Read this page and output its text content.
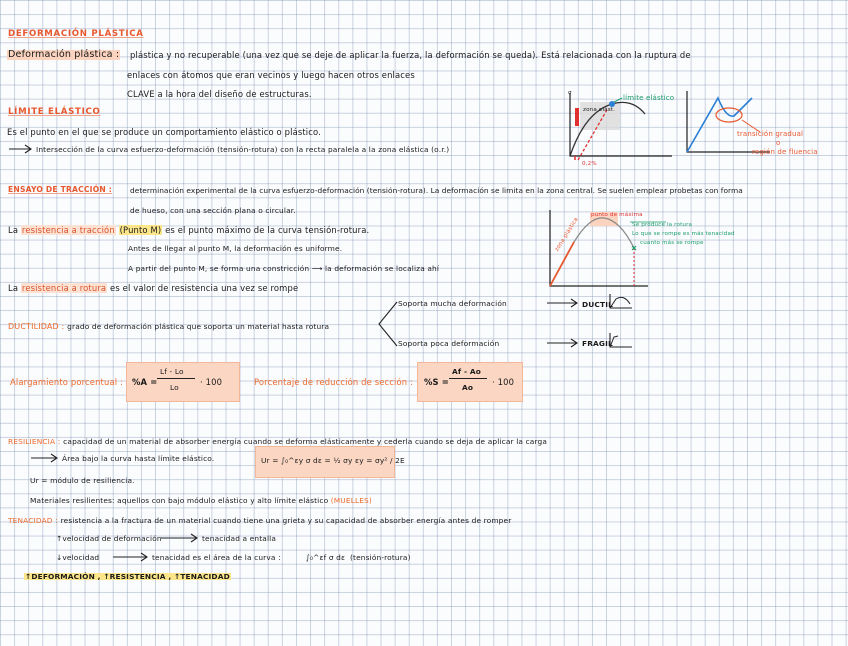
DEFORMACIÓN PLÁSTICA
Deformación plástica : plástica y no recuperable (una vez que se deje de aplicar la fuerza, la deformación se queda). Está relacionada con la ruptura de
enlaces con átomos que eran vecinos y luego hacen otros enlaces
CLAVE a la hora del diseño de estructuras.
LÍMITE ELÁSTICO
Es el punto en el que se produce un comportamiento elástico o plástico.
Intersección de la curva esfuerzo-deformación (tensión-rotura) con la recta paralela a la zona elástica (o.r.)
σ
límite elástico
zona elást.
0,2%
transición gradual
o
región de fluencia
ENSAYO DE TRACCIÓN : determinación experimental de la curva esfuerzo-deformación (tensión-rotura). La deformación se limita en la zona central. Se suelen emplear probetas con forma
de hueso, con una sección plana o circular.
La resistencia a tracción (Punto M) es el punto máximo de la curva tensión-rotura.
Antes de llegar al punto M, la deformación es uniforme.
A partir del punto M, se forma una constricción ⟶ la deformación se localiza ahí
La resistencia a rotura es el valor de resistencia una vez se rompe
punto de máxima
zona plástica	Se produce la rotura
Lo que se rompe es más tenacidad
cuanto más se rompe
DUCTILIDAD : grado de deformación plástica que soporta un material hasta rotura
Soporta mucha deformación
Soporta poca deformación
DUCTIL
FRAGIL
Alargamiento porcentual : %A =
Lf - Lo
Lo
· 100	Porcentaje de reducción de sección : %S =
Af - Ao
Ao
· 100
RESILIENCIA : capacidad de un material de absorber energía cuando se deforma elásticamente y cederla cuando se deja de aplicar la carga
Área bajo la curva hasta límite elástico.	Ur = ∫₀^εy σ dε = ½ σy εy = σy² / 2E
Ur = módulo de resiliencia.
Materiales resilientes: aquellos con bajo módulo elástico y alto límite elástico (MUELLES)
TENACIDAD : resistencia a la fractura de un material cuando tiene una grieta y su capacidad de absorber energía antes de romper
↑velocidad de deformación	tenacidad a entalla
↓velocidad	tenacidad es el área de la curva :	∫₀^εf σ dε (tensión-rotura)
↑DEFORMACIÓN , ↑RESISTENCIA , ↑TENACIDAD
